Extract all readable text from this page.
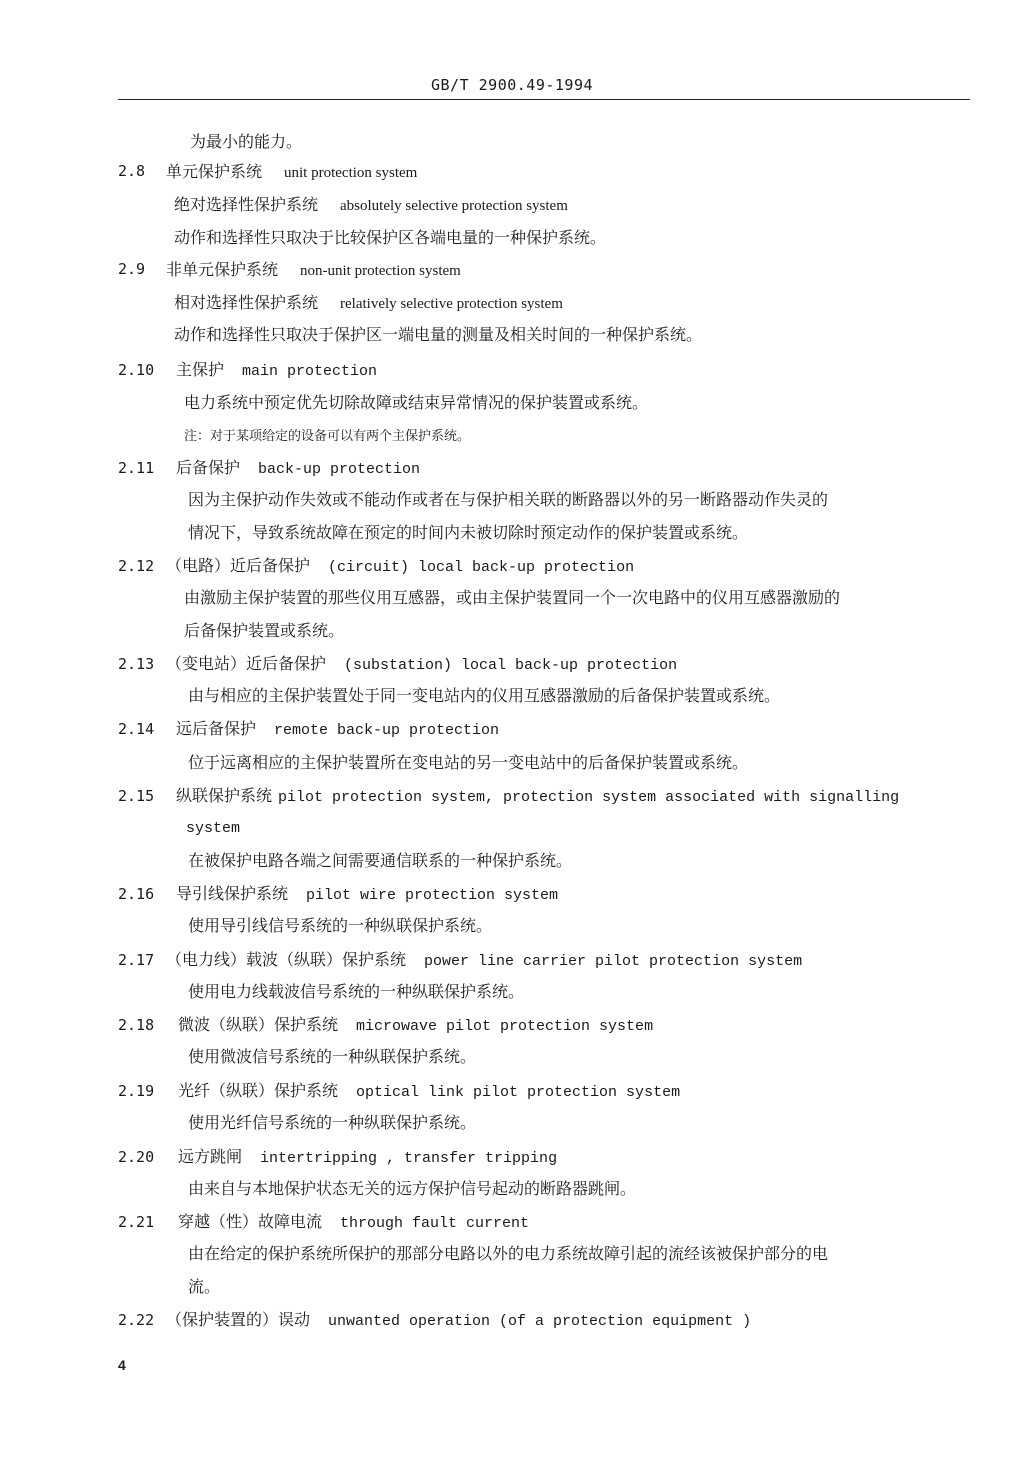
GB/T 2900.49-1994
为最小的能力。
2.8 单元保护系统 unit protection system
绝对选择性保护系统 absolutely selective protection system
动作和选择性只取决于比较保护区各端电量的一种保护系统。
2.9 非单元保护系统 non-unit protection system
相对选择性保护系统 relatively selective protection system
动作和选择性只取决于保护区一端电量的测量及相关时间的一种保护系统。
2.10 主保护 main protection
电力系统中预定优先切除故障或结束异常情况的保护装置或系统。
注：对于某项给定的设备可以有两个主保护系统。
2.11 后备保护 back-up protection
因为主保护动作失效或不能动作或者在与保护相关联的断路器以外的另一断路器动作失灵的
情况下，导致系统故障在预定的时间内未被切除时预定动作的保护装置或系统。
2.12 （电路）近后备保护 (circuit) local back-up protection
由激励主保护装置的那些仪用互感器，或由主保护装置同一个一次电路中的仪用互感器激励的
后备保护装置或系统。
2.13 （变电站）近后备保护 (substation) local back-up protection
由与相应的主保护装置处于同一变电站内的仪用互感器激励的后备保护装置或系统。
2.14 远后备保护 remote back-up protection
位于远离相应的主保护装置所在变电站的另一变电站中的后备保护装置或系统。
2.15 纵联保护系统 pilot protection system, protection system associated with signalling
system
在被保护电路各端之间需要通信联系的一种保护系统。
2.16 导引线保护系统 pilot wire protection system
使用导引线信号系统的一种纵联保护系统。
2.17 （电力线）载波（纵联）保护系统 power line carrier pilot protection system
使用电力线载波信号系统的一种纵联保护系统。
2.18 微波（纵联）保护系统 microwave pilot protection system
使用微波信号系统的一种纵联保护系统。
2.19 光纤（纵联）保护系统 optical link pilot protection system
使用光纤信号系统的一种纵联保护系统。
2.20 远方跳闸 intertripping , transfer tripping
由来自与本地保护状态无关的远方保护信号起动的断路器跳闸。
2.21 穿越（性）故障电流 through fault current
由在给定的保护系统所保护的那部分电路以外的电力系统故障引起的流经该被保护部分的电
流。
2.22 （保护装置的）误动 unwanted operation (of a protection equipment )
4
